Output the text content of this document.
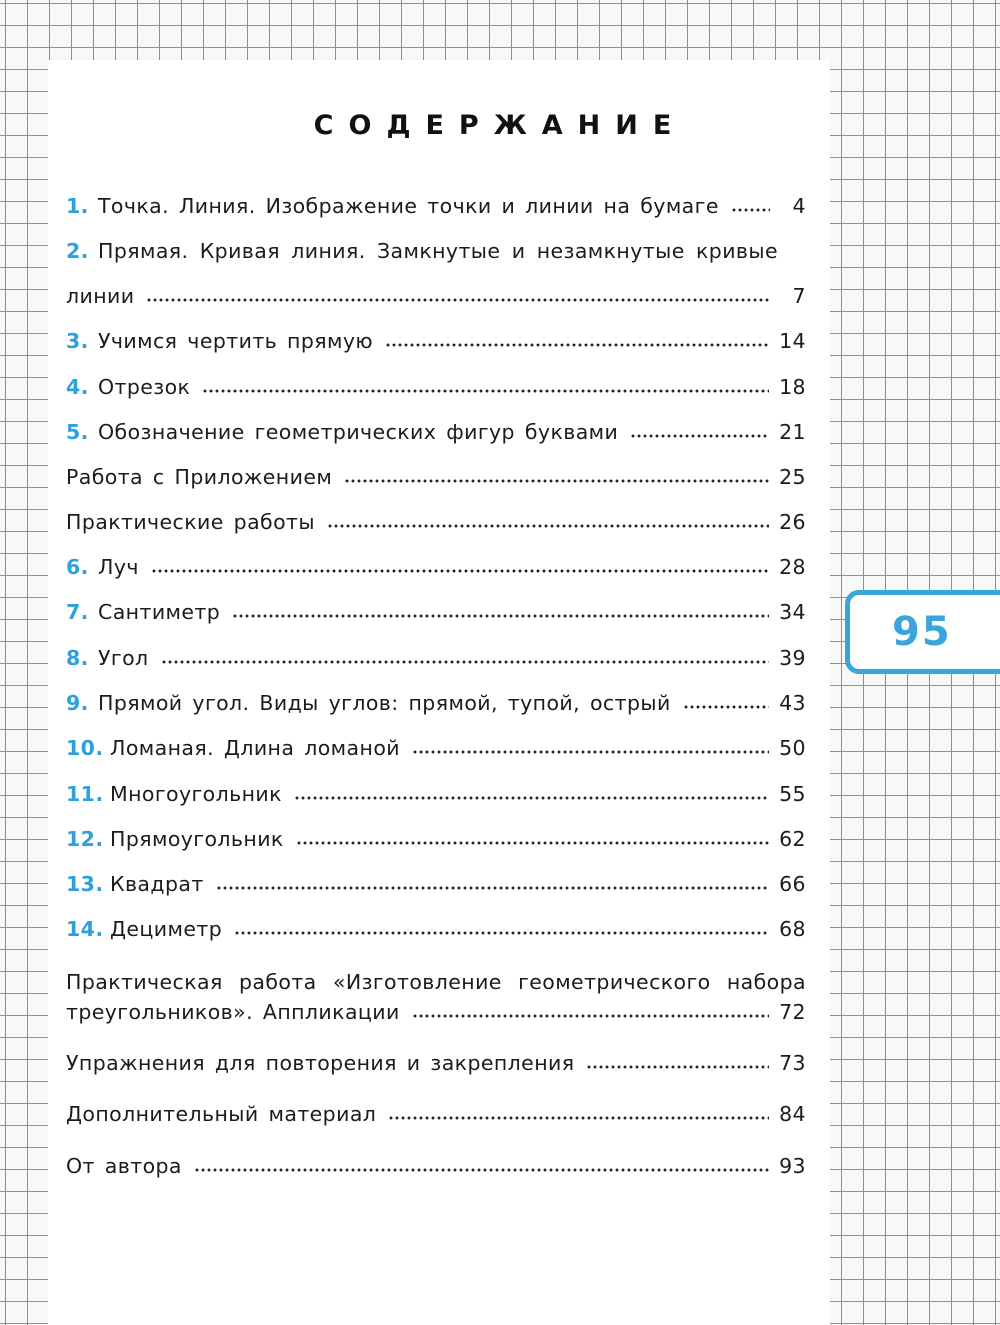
СОДЕРЖАНИЕ
1. Точка. Линия. Изображение точки и линии на бумаге	4
2. Прямая. Кривая линия. Замкнутые и незамкнутые кривые
линии	7
3. Учимся чертить прямую	14
4. Отрезок	18
5. Обозначение геометрических фигур буквами	21
Работа с Приложением	25
Практические работы	26
6. Луч	28
7. Сантиметр	34
8. Угол	39
9. Прямой угол. Виды углов: прямой, тупой, острый	43
10. Ломаная. Длина ломаной	50
11. Многоугольник	55
12. Прямоугольник	62
13. Квадрат	66
14. Дециметр	68
Практическая работа «Изготовление геометрического набора
треугольников». Аппликации	72
Упражнения для повторения и закрепления	73
Дополнительный материал	84
От автора	93
95
